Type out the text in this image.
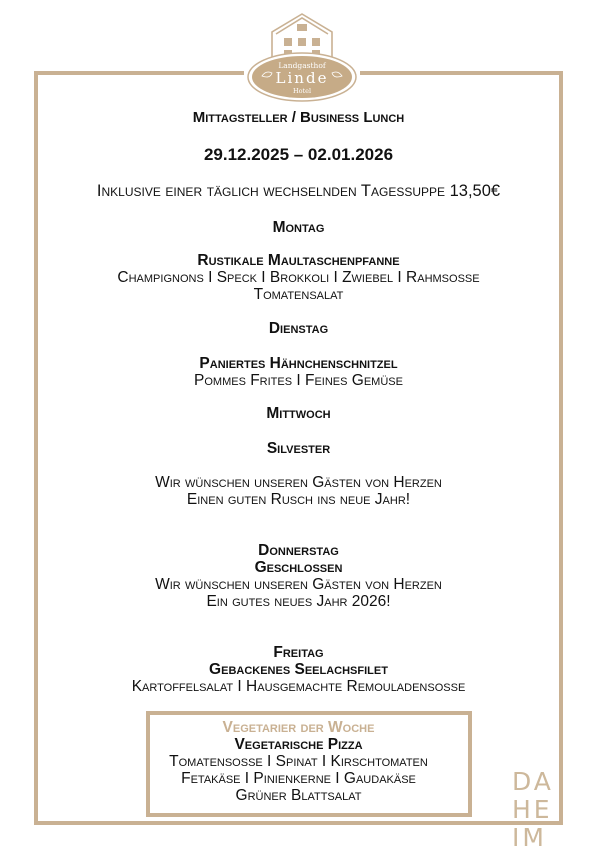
Landgasthof
Linde
Hotel
Mittagsteller / Business Lunch
29.12.2025 – 02.01.2026
Inklusive einer täglich wechselnden Tagessuppe 13,50€
Montag
Rustikale Maultaschenpfanne
Champignons I Speck I Brokkoli I Zwiebel I Rahmsoße
Tomatensalat
Dienstag
Paniertes Hähnchenschnitzel
Pommes Frites I Feines Gemüse
Mittwoch
Silvester
Wir wünschen unseren Gästen von Herzen
Einen guten Rusch ins neue Jahr!
Donnerstag
Geschlossen
Wir wünschen unseren Gästen von Herzen
Ein gutes neues Jahr 2026!
Freitag
Gebackenes Seelachsfilet
Kartoffelsalat I Hausgemachte Remouladensoße
Vegetarier der Woche
Vegetarische Pizza
Tomatensoße I Spinat I Kirschtomaten
Fetakäse I Pinienkerne I Gaudakäse
Grüner Blattsalat	DA
HE
IM
